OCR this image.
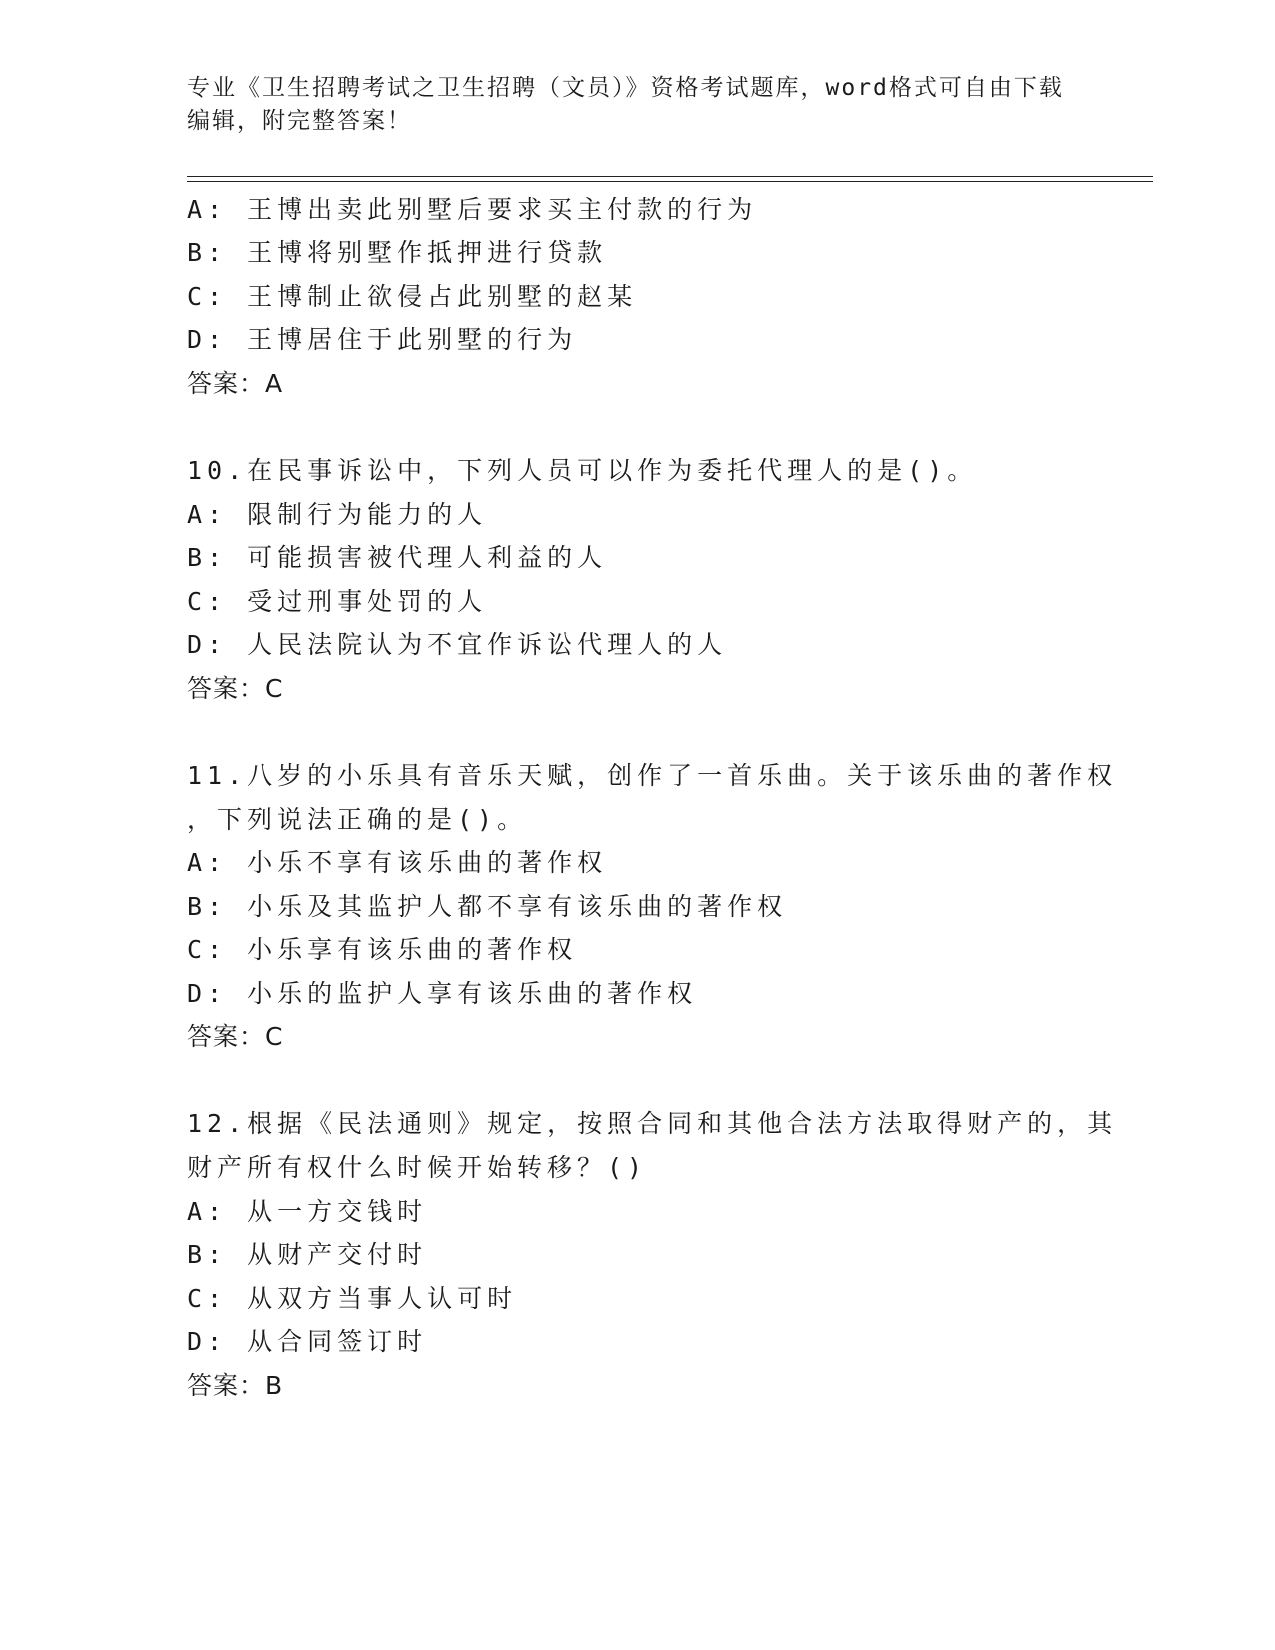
专业《卫生招聘考试之卫生招聘（文员）》资格考试题库，word格式可自由下载
编辑，附完整答案！
A: 王博出卖此别墅后要求买主付款的行为
B: 王博将别墅作抵押进行贷款
C: 王博制止欲侵占此别墅的赵某
D: 王博居住于此别墅的行为
答案：A
10.在民事诉讼中，下列人员可以作为委托代理人的是()。
A: 限制行为能力的人
B: 可能损害被代理人利益的人
C: 受过刑事处罚的人
D: 人民法院认为不宜作诉讼代理人的人
答案：C
11.八岁的小乐具有音乐天赋，创作了一首乐曲。关于该乐曲的著作权
，下列说法正确的是()。
A: 小乐不享有该乐曲的著作权
B: 小乐及其监护人都不享有该乐曲的著作权
C: 小乐享有该乐曲的著作权
D: 小乐的监护人享有该乐曲的著作权
答案：C
12.根据《民法通则》规定，按照合同和其他合法方法取得财产的，其
财产所有权什么时候开始转移？()
A: 从一方交钱时
B: 从财产交付时
C: 从双方当事人认可时
D: 从合同签订时
答案：B
